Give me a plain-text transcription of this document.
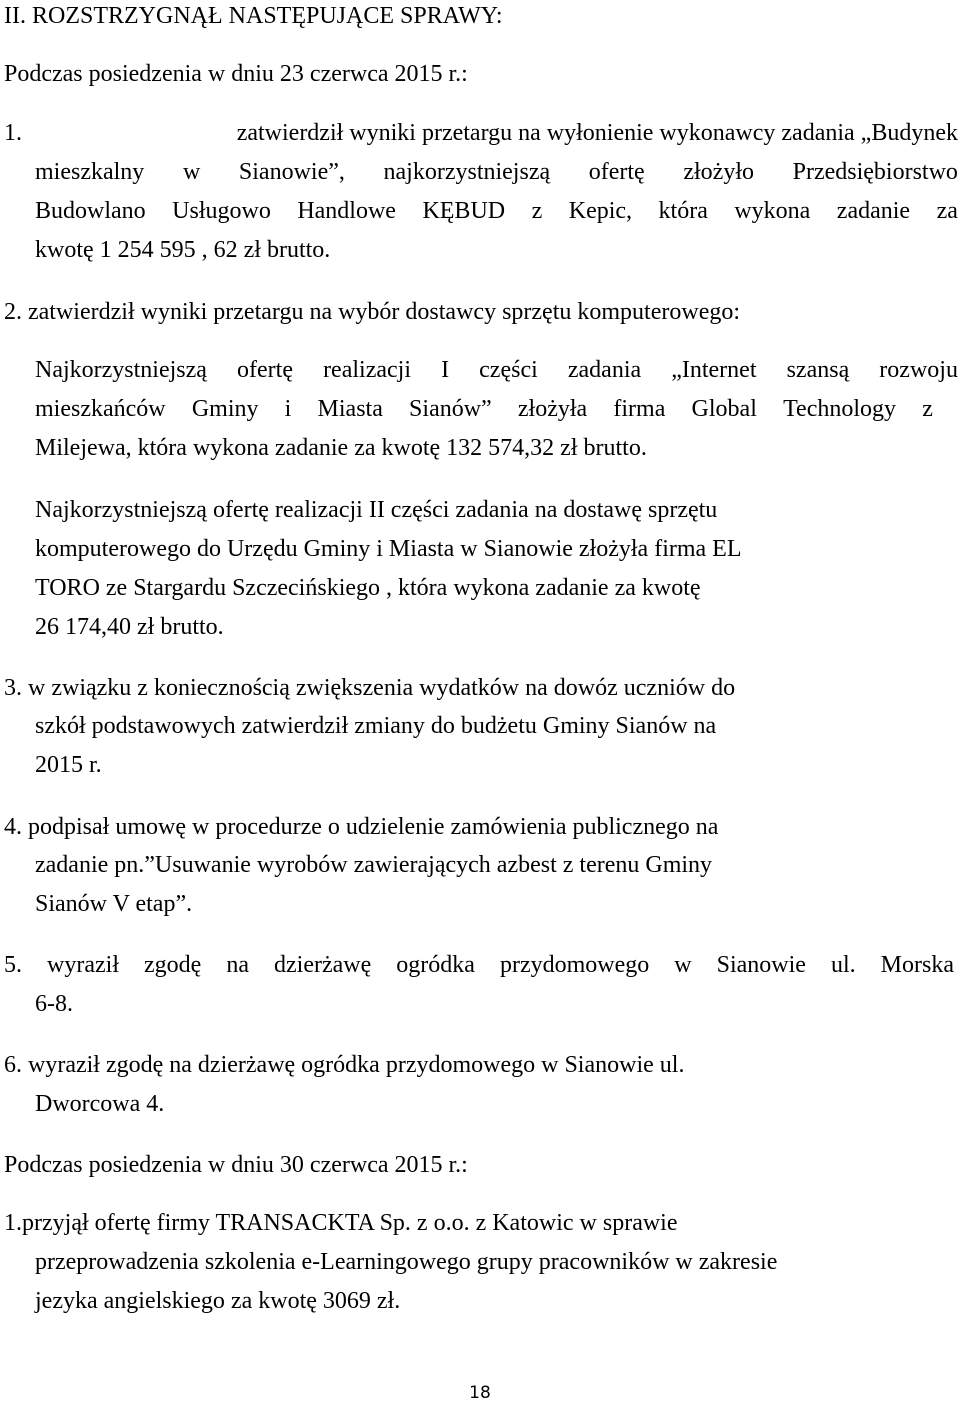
II. ROZSTRZYGNĄŁ NASTĘPUJĄCE SPRAWY:
Podczas posiedzenia w dniu 23 czerwca 2015 r.:
1.	zatwierdził wyniki przetargu na wyłonienie wykonawcy zadania „Budynek
mieszkalny w Sianowie”, najkorzystniejszą ofertę złożyło Przedsiębiorstwo
Budowlano Usługowo Handlowe KĘBUD z Kepic, która wykona zadanie za
kwotę 1 254 595 , 62 zł brutto.
2. zatwierdził wyniki przetargu na wybór dostawcy sprzętu komputerowego:
Najkorzystniejszą ofertę realizacji I części zadania „Internet szansą rozwoju
mieszkańców Gminy i Miasta Sianów” złożyła firma Global Technology z
Milejewa, która wykona zadanie za kwotę 132 574,32 zł brutto.
Najkorzystniejszą ofertę realizacji II części zadania na dostawę sprzętu
komputerowego do Urzędu Gminy i Miasta w Sianowie złożyła firma EL
TORO ze Stargardu Szczecińskiego , która wykona zadanie za kwotę
26 174,40 zł brutto.
3. w związku z koniecznością zwiększenia wydatków na dowóz uczniów do
szkół podstawowych zatwierdził zmiany do budżetu Gminy Sianów na
2015 r.
4. podpisał umowę w procedurze o udzielenie zamówienia publicznego na
zadanie pn.”Usuwanie wyrobów zawierających azbest z terenu Gminy
Sianów V etap”.
5. wyraził zgodę na dzierżawę ogródka przydomowego w Sianowie ul. Morska
6-8.
6. wyraził zgodę na dzierżawę ogródka przydomowego w Sianowie ul.
Dworcowa 4.
Podczas posiedzenia w dniu 30 czerwca 2015 r.:
1.przyjął ofertę firmy TRANSACKTA Sp. z o.o. z Katowic w sprawie
przeprowadzenia szkolenia e-Learningowego grupy pracowników w zakresie
jezyka angielskiego za kwotę 3069 zł.
18
